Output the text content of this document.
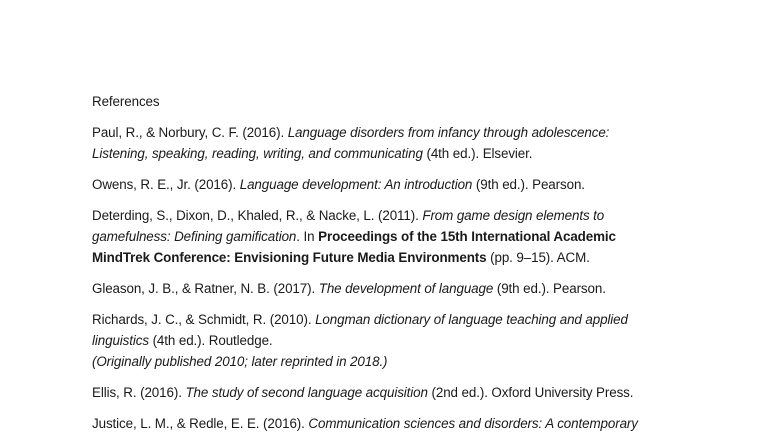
References

Paul, R., & Norbury, C. F. (2016). Language disorders from infancy through adolescence:
Listening, speaking, reading, writing, and communicating (4th ed.). Elsevier.

Owens, R. E., Jr. (2016). Language development: An introduction (9th ed.). Pearson.

Deterding, S., Dixon, D., Khaled, R., & Nacke, L. (2011). From game design elements to
gamefulness: Defining gamification. In Proceedings of the 15th International Academic
MindTrek Conference: Envisioning Future Media Environments (pp. 9–15). ACM.

Gleason, J. B., & Ratner, N. B. (2017). The development of language (9th ed.). Pearson.

Richards, J. C., & Schmidt, R. (2010). Longman dictionary of language teaching and applied
linguistics (4th ed.). Routledge.
(Originally published 2010; later reprinted in 2018.)

Ellis, R. (2016). The study of second language acquisition (2nd ed.). Oxford University Press.

Justice, L. M., & Redle, E. E. (2016). Communication sciences and disorders: A contemporary
